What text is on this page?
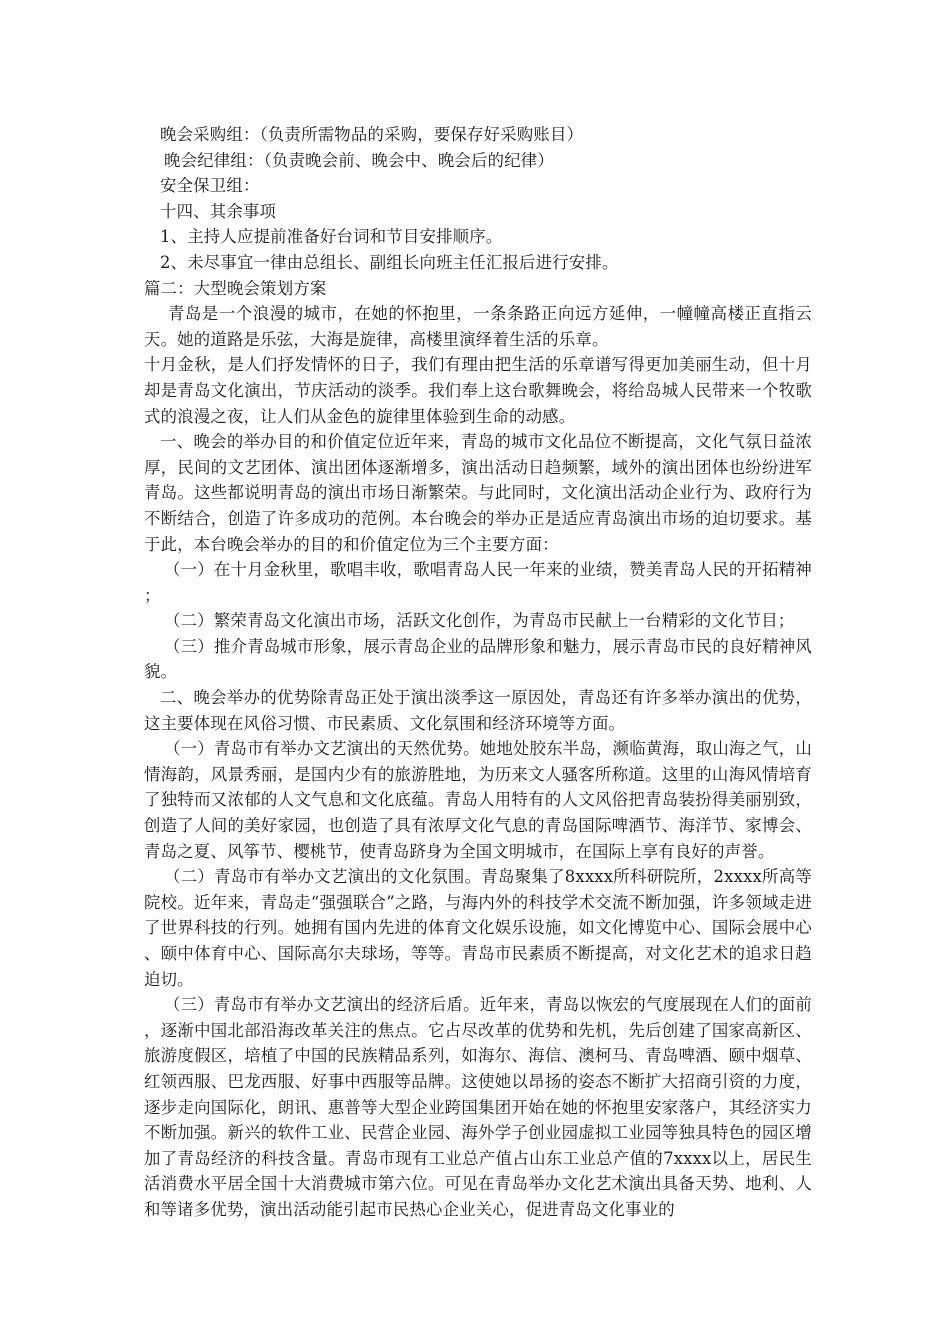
晚会采购组：（负责所需物品的采购，要保存好采购账目）
晚会纪律组：（负责晚会前、晚会中、晚会后的纪律）
安全保卫组：
十四、其余事项
1、主持人应提前准备好台词和节目安排顺序。
2、未尽事宜一律由总组长、副组长向班主任汇报后进行安排。
篇二：大型晚会策划方案

青岛是一个浪漫的城市，在她的怀抱里，一条条路正向远方延伸，一幢幢高楼正直指云天。她的道路是乐弦，大海是旋律，高楼里演绎着生活的乐章。

十月金秋，是人们抒发情怀的日子，我们有理由把生活的乐章谱写得更加美丽生动，但十月却是青岛文化演出，节庆活动的淡季。我们奉上这台歌舞晚会，将给岛城人民带来一个牧歌式的浪漫之夜，让人们从金色的旋律里体验到生命的动感。

一、晚会的举办目的和价值定位近年来，青岛的城市文化品位不断提高，文化气氛日益浓厚，民间的文艺团体、演出团体逐渐增多，演出活动日趋频繁，域外的演出团体也纷纷进军青岛。这些都说明青岛的演出市场日渐繁荣。与此同时，文化演出活动企业行为、政府行为不断结合，创造了许多成功的范例。本台晚会的举办正是适应青岛演出市场的迫切要求。基于此，本台晚会举办的目的和价值定位为三个主要方面：

（一）在十月金秋里，歌唱丰收，歌唱青岛人民一年来的业绩，赞美青岛人民的开拓精神；

（二）繁荣青岛文化演出市场，活跃文化创作，为青岛市民献上一台精彩的文化节目；

（三）推介青岛城市形象，展示青岛企业的品牌形象和魅力，展示青岛市民的良好精神风貌。

二、晚会举办的优势除青岛正处于演出淡季这一原因处，青岛还有许多举办演出的优势，这主要体现在风俗习惯、市民素质、文化氛围和经济环境等方面。

（一）青岛市有举办文艺演出的天然优势。她地处胶东半岛，濒临黄海，取山海之气，山情海韵，风景秀丽，是国内少有的旅游胜地，为历来文人骚客所称道。这里的山海风情培育了独特而又浓郁的人文气息和文化底蕴。青岛人用特有的人文风俗把青岛装扮得美丽别致，创造了人间的美好家园，也创造了具有浓厚文化气息的青岛国际啤酒节、海洋节、家博会、青岛之夏、风筝节、樱桃节，使青岛跻身为全国文明城市，在国际上享有良好的声誉。

（二）青岛市有举办文艺演出的文化氛围。青岛聚集了8xxxx所科研院所，2xxxx所高等院校。近年来，青岛走“强强联合”之路，与海内外的科技学术交流不断加强，许多领域走进了世界科技的行列。她拥有国内先进的体育文化娱乐设施，如文化博览中心、国际会展中心、颐中体育中心、国际高尔夫球场，等等。青岛市民素质不断提高，对文化艺术的追求日趋迫切。

（三）青岛市有举办文艺演出的经济后盾。近年来，青岛以恢宏的气度展现在人们的面前，逐渐中国北部沿海改革关注的焦点。它占尽改革的优势和先机，先后创建了国家高新区、旅游度假区，培植了中国的民族精品系列，如海尔、海信、澳柯马、青岛啤酒、颐中烟草、红领西服、巴龙西服、好事中西服等品牌。这使她以昂扬的姿态不断扩大招商引资的力度，逐步走向国际化，朗讯、惠普等大型企业跨国集团开始在她的怀抱里安家落户，其经济实力不断加强。新兴的软件工业、民营企业园、海外学子创业园虚拟工业园等独具特色的园区增加了青岛经济的科技含量。青岛市现有工业总产值占山东工业总产值的7xxxx以上，居民生活消费水平居全国十大消费城市第六位。可见在青岛举办文化艺术演出具备天势、地利、人和等诸多优势，演出活动能引起市民热心企业关心，促进青岛文化事业的
